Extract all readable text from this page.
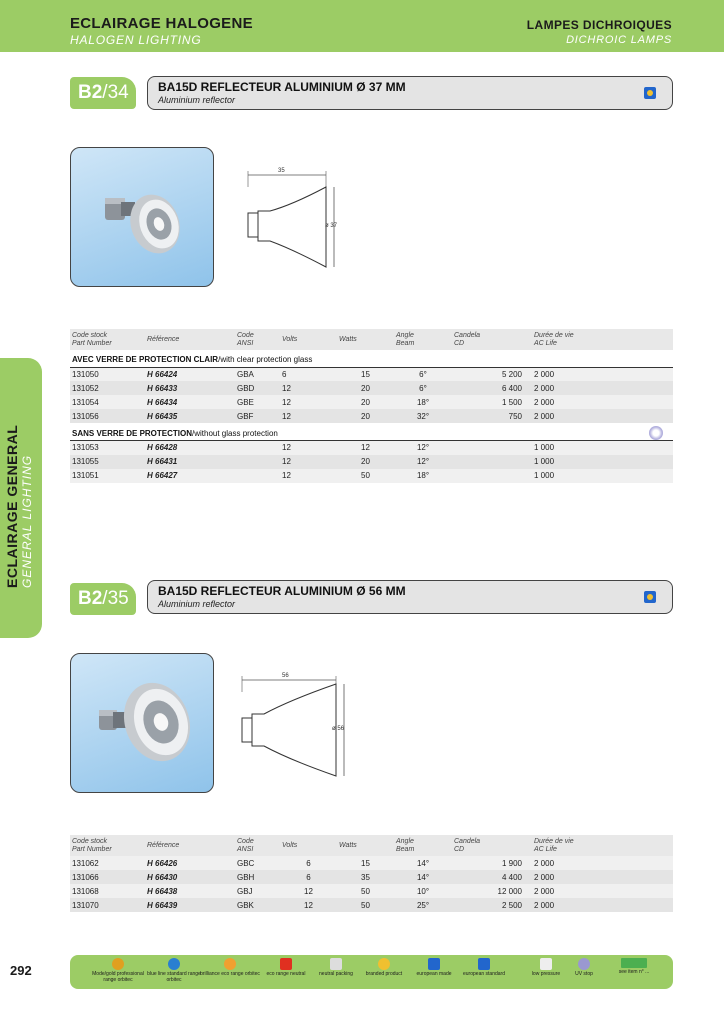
ECLAIRAGE HALOGENE
HALOGEN LIGHTING
LAMPES DICHROIQUES
DICHROIC LAMPS
ECLAIRAGE GENERAL GENERAL LIGHTING
B2/34	BA15D REFLECTEUR ALUMINIUM Ø 37 MM
Aluminium reflector
35
ø 37
Code stock
Part Number	Référence	Code
ANSI	Volts	Watts	Angle
Beam	Candela
CD	Durée de vie
AC Life
AVEC VERRE DE PROTECTION CLAIR/with clear protection glass							
131050	H 66424	GBA	6	15	6°	5 200	2 000
131052	H 66433	GBD	12	20	6°	6 400	2 000
131054	H 66434	GBE	12	20	18°	1 500	2 000
131056	H 66435	GBF	12	20	32°	750	2 000
SANS VERRE DE PROTECTION/without glass protection							
131053	H 66428		12	12	12°		1 000
131055	H 66431		12	20	12°		1 000
131051	H 66427		12	50	18°		1 000
B2/35	BA15D REFLECTEUR ALUMINIUM Ø 56 MM
Aluminium reflector
56
ø 56
Code stock
Part Number	Référence	Code
ANSI	Volts	Watts	Angle
Beam	Candela
CD	Durée de vie
AC Life
131062	H 66426	GBC	6	15	14°	1 900	2 000
131066	H 66430	GBH	6	35	14°	4 400	2 000
131068	H 66438	GBJ	12	50	10°	12 000	2 000
131070	H 66439	GBK	12	50	25°	2 500	2 000
292	Mode/gold professional range orbitec
blue line standard range orbitec
brilliance eco range orbitec	eco range neutral	neutral packing	branded product	european made	european standard	low pressure	UV stop	see item n° ...
